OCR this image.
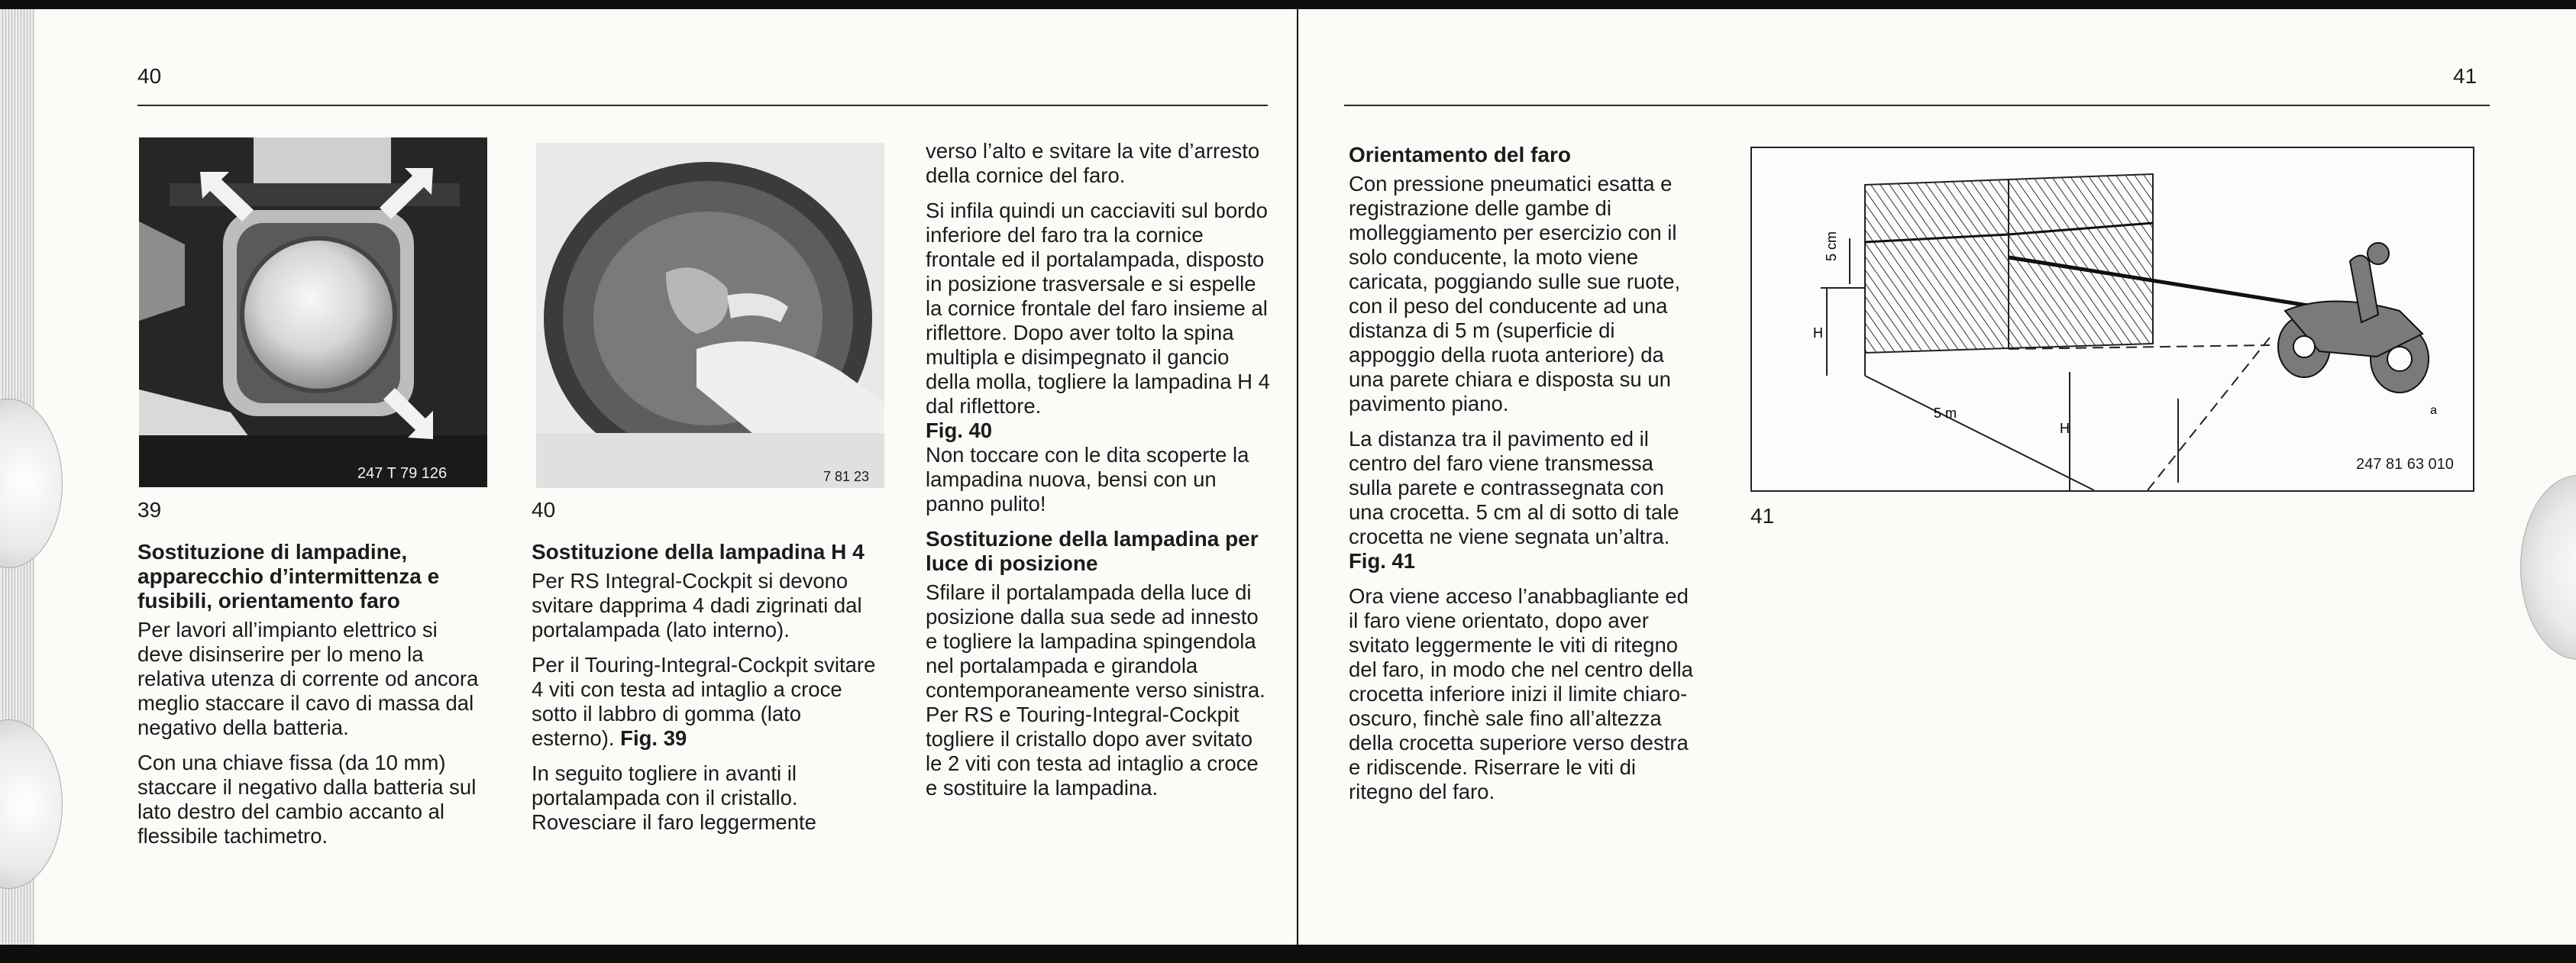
40
247 T 79 126
39
7 81 23
40
Sostituzione di lampadine, apparecchio d’intermittenza e fusibili, orientamento faro

Per lavori all’impianto elettrico si deve disinserire per lo meno la relativa utenza di corrente od ancora meglio staccare il cavo di massa dal negativo della batteria.

Con una chiave fissa (da 10 mm) staccare il negativo dalla batteria sul lato destro del cambio accanto al flessibile tachimetro.

Sostituzione della lampadina H 4

Per RS Integral-Cockpit si devono svitare dapprima 4 dadi zigrinati dal portalampada (lato interno).

Per il Touring-Integral-Cockpit svitare 4 viti con testa ad intaglio a croce sotto il labbro di gomma (lato esterno). Fig. 39

In seguito togliere in avanti il portalampada con il cristallo. Rovesciare il faro leggermente

verso l’alto e svitare la vite d’arresto della cornice del faro.

Si infila quindi un cacciaviti sul bordo inferiore del faro tra la cornice frontale ed il portalampada, disposto in posizione trasversale e si espelle la cornice frontale del faro insieme al riflettore. Dopo aver tolto la spina multipla e disimpegnato il gancio della molla, togliere la lampadina H 4 dal riflettore.

Fig. 40

Non toccare con le dita scoperte la lampadina nuova, bensi con un panno pulito!

Sostituzione della lampadina per luce di posizione

Sfilare il portalampada della luce di posizione dalla sua sede ad innesto e togliere la lampadina spingendola nel portalampada e girandola contemporaneamente verso sinistra. Per RS e Touring-Integral-Cockpit togliere il cristallo dopo aver svitato le 2 viti con testa ad intaglio a croce e sostituire la lampadina.

41
Orientamento del faro

Con pressione pneumatici esatta e registrazione delle gambe di molleggiamento per esercizio con il solo conducente, la moto viene caricata, poggiando sulle sue ruote, con il peso del conducente ad una distanza di 5 m (superficie di appoggio della ruota anteriore) da una parete chiara e disposta su un pavimento piano.

La distanza tra il pavimento ed il centro del faro viene transmessa sulla parete e contrassegnata con una crocetta. 5 cm al di sotto di tale crocetta ne viene segnata un’altra. Fig. 41

Ora viene acceso l’anabbagliante ed il faro viene orientato, dopo aver svitato leggermente le viti di ritegno del faro, in modo che nel centro della crocetta inferiore inizi il limite chiaro-oscuro, finchè sale fino all’altezza della crocetta superiore verso destra e ridiscende. Riserrare le viti di ritegno del faro.

5 cm
H
5 m
H
a
247 81 63 010
41
